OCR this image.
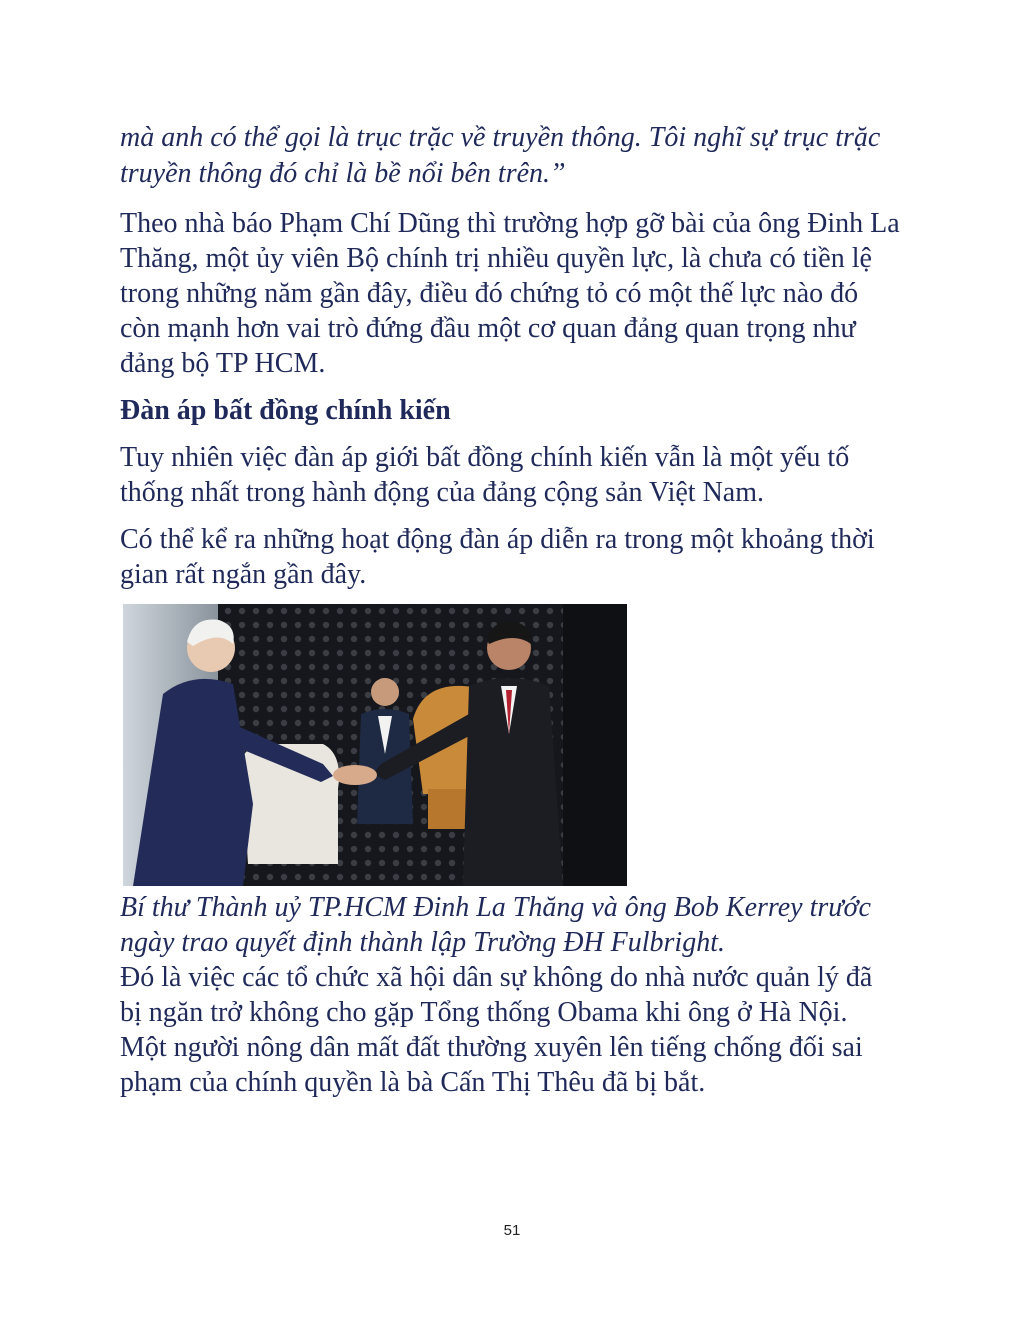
mà anh có thể gọi là trục trặc về truyền thông. Tôi nghĩ sự trục trặc truyền thông đó chỉ là bề nổi bên trên.”

Theo nhà báo Phạm Chí Dũng thì trường hợp gỡ bài của ông Đinh La Thăng, một ủy viên Bộ chính trị nhiều quyền lực, là chưa có tiền lệ trong những năm gần đây, điều đó chứng tỏ có một thế lực nào đó còn mạnh hơn vai trò đứng đầu một cơ quan đảng quan trọng như đảng bộ TP HCM.

Đàn áp bất đồng chính kiến

Tuy nhiên việc đàn áp giới bất đồng chính kiến vẫn là một yếu tố thống nhất trong hành động của đảng cộng sản Việt Nam.

Có thể kể ra những hoạt động đàn áp diễn ra trong một khoảng thời gian rất ngắn gần đây.

Bí thư Thành uỷ TP.HCM Đinh La Thăng và ông Bob Kerrey trước ngày trao quyết định thành lập Trường ĐH Fulbright.

Đó là việc các tổ chức xã hội dân sự không do nhà nước quản lý đã bị ngăn trở không cho gặp Tổng thống Obama khi ông ở Hà Nội. Một người nông dân mất đất thường xuyên lên tiếng chống đối sai phạm của chính quyền là bà Cấn Thị Thêu đã bị bắt.

51
